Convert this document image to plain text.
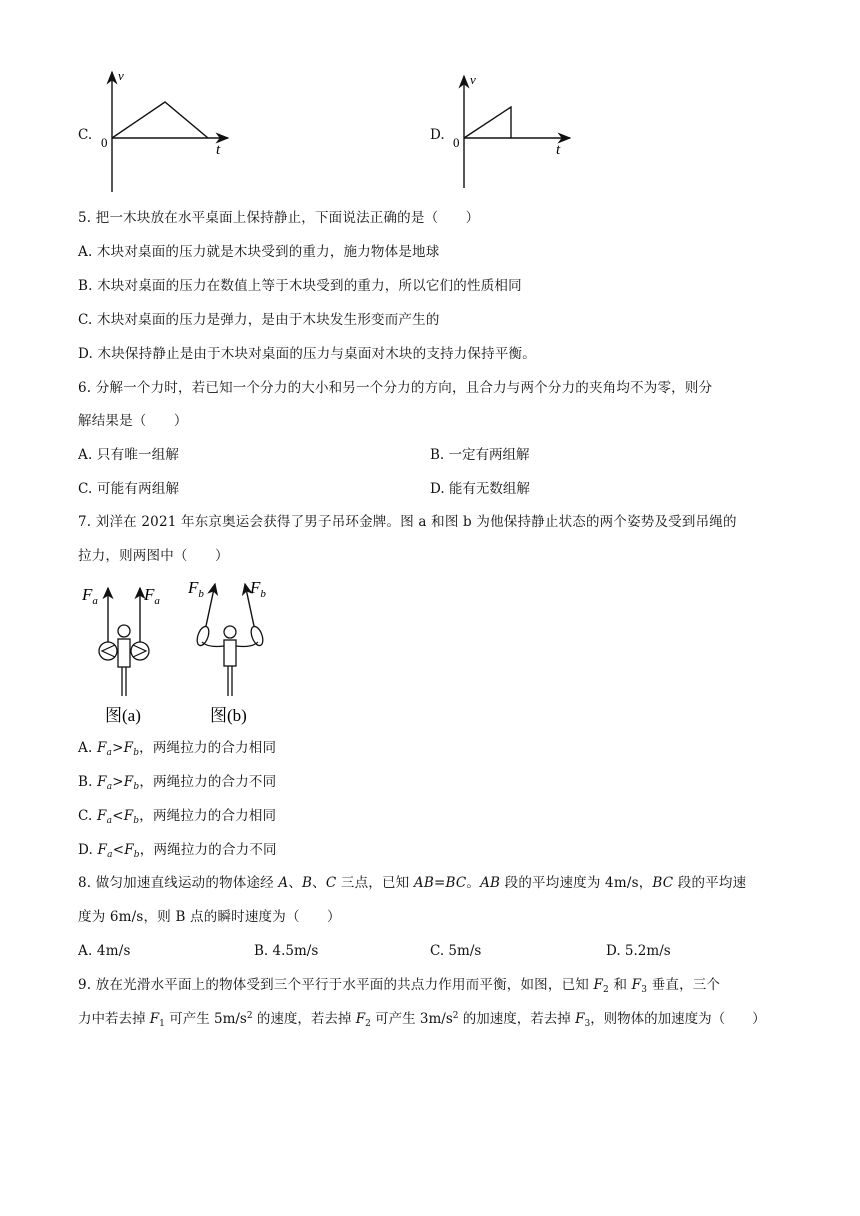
C.
v
0	t
D.
v
0	t
5. 把一木块放在水平桌面上保持静止，下面说法正确的是（　　）
A. 木块对桌面的压力就是木块受到的重力，施力物体是地球
B. 木块对桌面的压力在数值上等于木块受到的重力，所以它们的性质相同
C. 木块对桌面的压力是弹力，是由于木块发生形变而产生的
D. 木块保持静止是由于木块对桌面的压力与桌面对木块的支持力保持平衡。
6. 分解一个力时，若已知一个分力的大小和另一个分力的方向，且合力与两个分力的夹角均不为零，则分
解结果是（　　）
A. 只有唯一组解	B. 一定有两组解
C. 可能有两组解	D. 能有无数组解
7. 刘洋在 2021 年东京奥运会获得了男子吊环金牌。图 a 和图 b 为他保持静止状态的两个姿势及受到吊绳的
拉力，则两图中（　　）
$F_a$	$F_a$
图(a)
$F_b$	$F_b$
图(b)
A. $F_a>F_b$，两绳拉力的合力相同
B. $F_a>F_b$，两绳拉力的合力不同
C. $F_a<F_b$，两绳拉力的合力相同
D. $F_a<F_b$，两绳拉力的合力不同
8. 做匀加速直线运动的物体途经 A、B、C 三点，已知 AB=BC。AB 段的平均速度为 4m/s，BC 段的平均速
度为 6m/s，则 B 点的瞬时速度为（　　）
A. 4m/s	B. 4.5m/s	C. 5m/s	D. 5.2m/s
9. 放在光滑水平面上的物体受到三个平行于水平面的共点力作用而平衡，如图，已知 $F_2$ 和 $F_3$ 垂直，三个
力中若去掉 $F_1$ 可产生 $5m/s^2$ 的速度，若去掉 $F_2$ 可产生 $3m/s^2$ 的加速度，若去掉 $F_3$，则物体的加速度为（　　）
